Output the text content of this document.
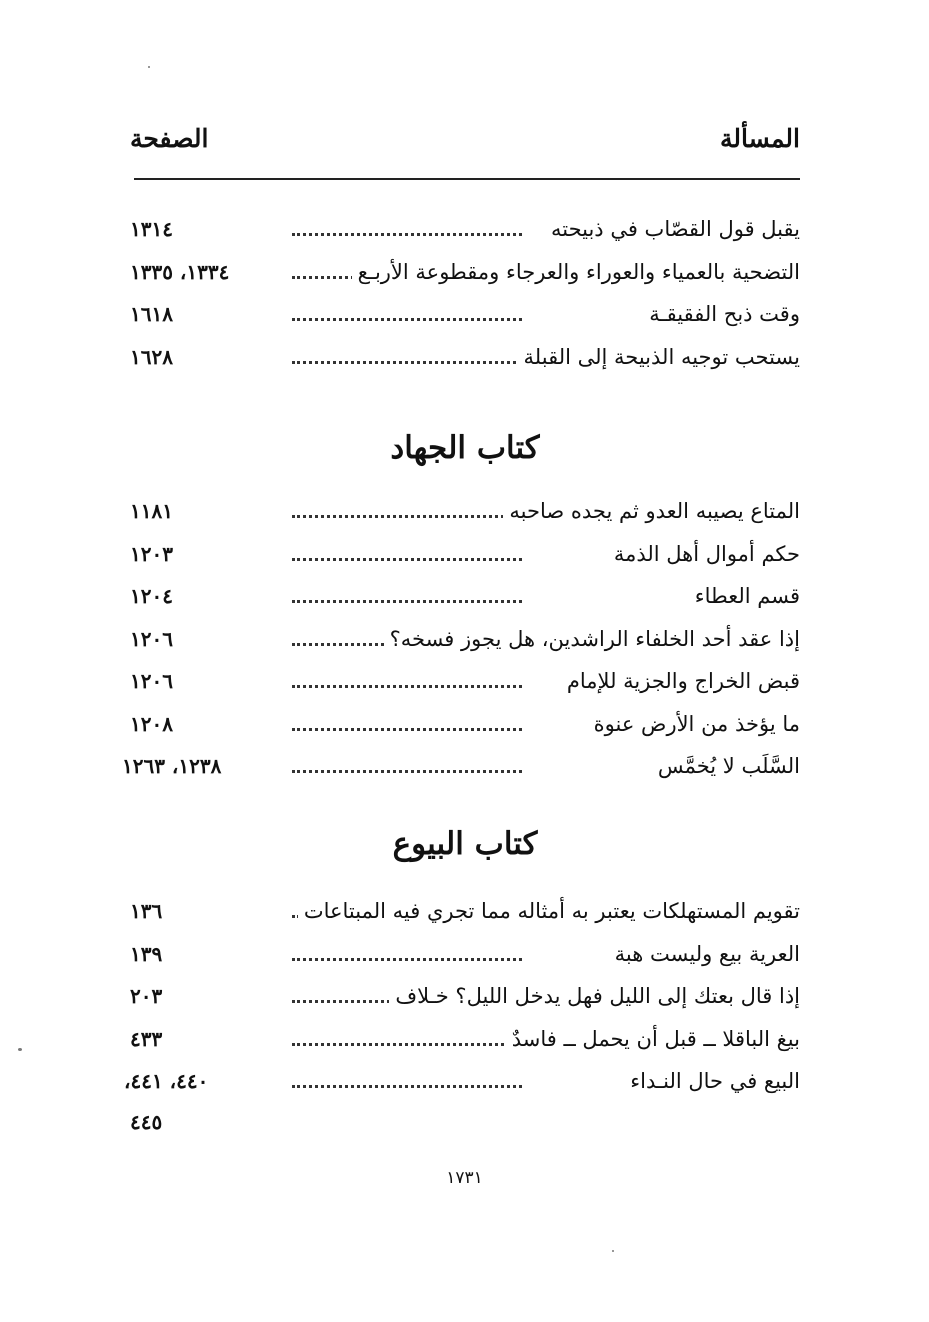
المسألة
الصفحة
يقبل قول القصّاب في ذبيحته
١٣١٤
التضحية بالعمياء والعوراء والعرجاء ومقطوعة الأربـع
١٣٣٤، ١٣٣٥
وقت ذبح الفقيقـة
١٦١٨
يستحب توجيه الذبيحة إلى القبلة
١٦٢٨
كتاب الجهاد
المتاع يصيبه العدو ثم يجده صاحبه
١١٨١
حكم أموال أهل الذمة
١٢٠٣
قسم العطاء
١٢٠٤
إذا عقد أحد الخلفاء الراشدين، هل يجوز فسخه؟
١٢٠٦
قبض الخراج والجزية للإمام
١٢٠٦
ما يؤخذ من الأرض عنوة
١٢٠٨
السَّلَب لا يُخمَّس
١٢٣٨، ١٢٦٣
كتاب البيوع
تقويم المستهلكات يعتبر به أمثاله مما تجري فيه المبتاعات
١٣٦
العرية بيع وليست هبة
١٣٩
إذا قال بعتك إلى الليل فهل يدخل الليل؟ خـلاف
٢٠٣
بيغ الباقلا ــ قبل أن يحمل ــ فاسدٌ
٤٣٣
البيع في حال النـداء
٤٤٠، ٤٤١،
٤٤٥
١٧٣١
